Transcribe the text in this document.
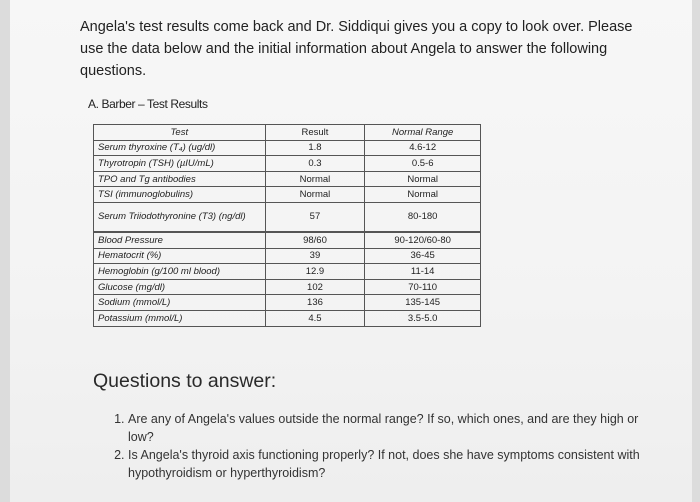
Angela's test results come back and Dr. Siddiqui gives you a copy to look over. Please use the data below and the initial information about Angela to answer the following questions.
A. Barber – Test Results
Test	Result	Normal Range
Serum thyroxine (T₄) (ug/dl)	1.8	4.6-12
Thyrotropin (TSH) (µIU/mL)	0.3	0.5-6
TPO and Tg antibodies	Normal	Normal
TSI (immunoglobulins)	Normal	Normal
Serum Triiodothyronine (T3) (ng/dl)	57	80-180
Blood Pressure	98/60	90-120/60-80
Hematocrit (%)	39	36-45
Hemoglobin (g/100 ml blood)	12.9	11-14
Glucose (mg/dl)	102	70-110
Sodium (mmol/L)	136	135-145
Potassium (mmol/L)	4.5	3.5-5.0
Questions to answer:
1. Are any of Angela's values outside the normal range? If so, which ones, and are they high or low?
2. Is Angela's thyroid axis functioning properly? If not, does she have symptoms consistent with hypothyroidism or hyperthyroidism?
